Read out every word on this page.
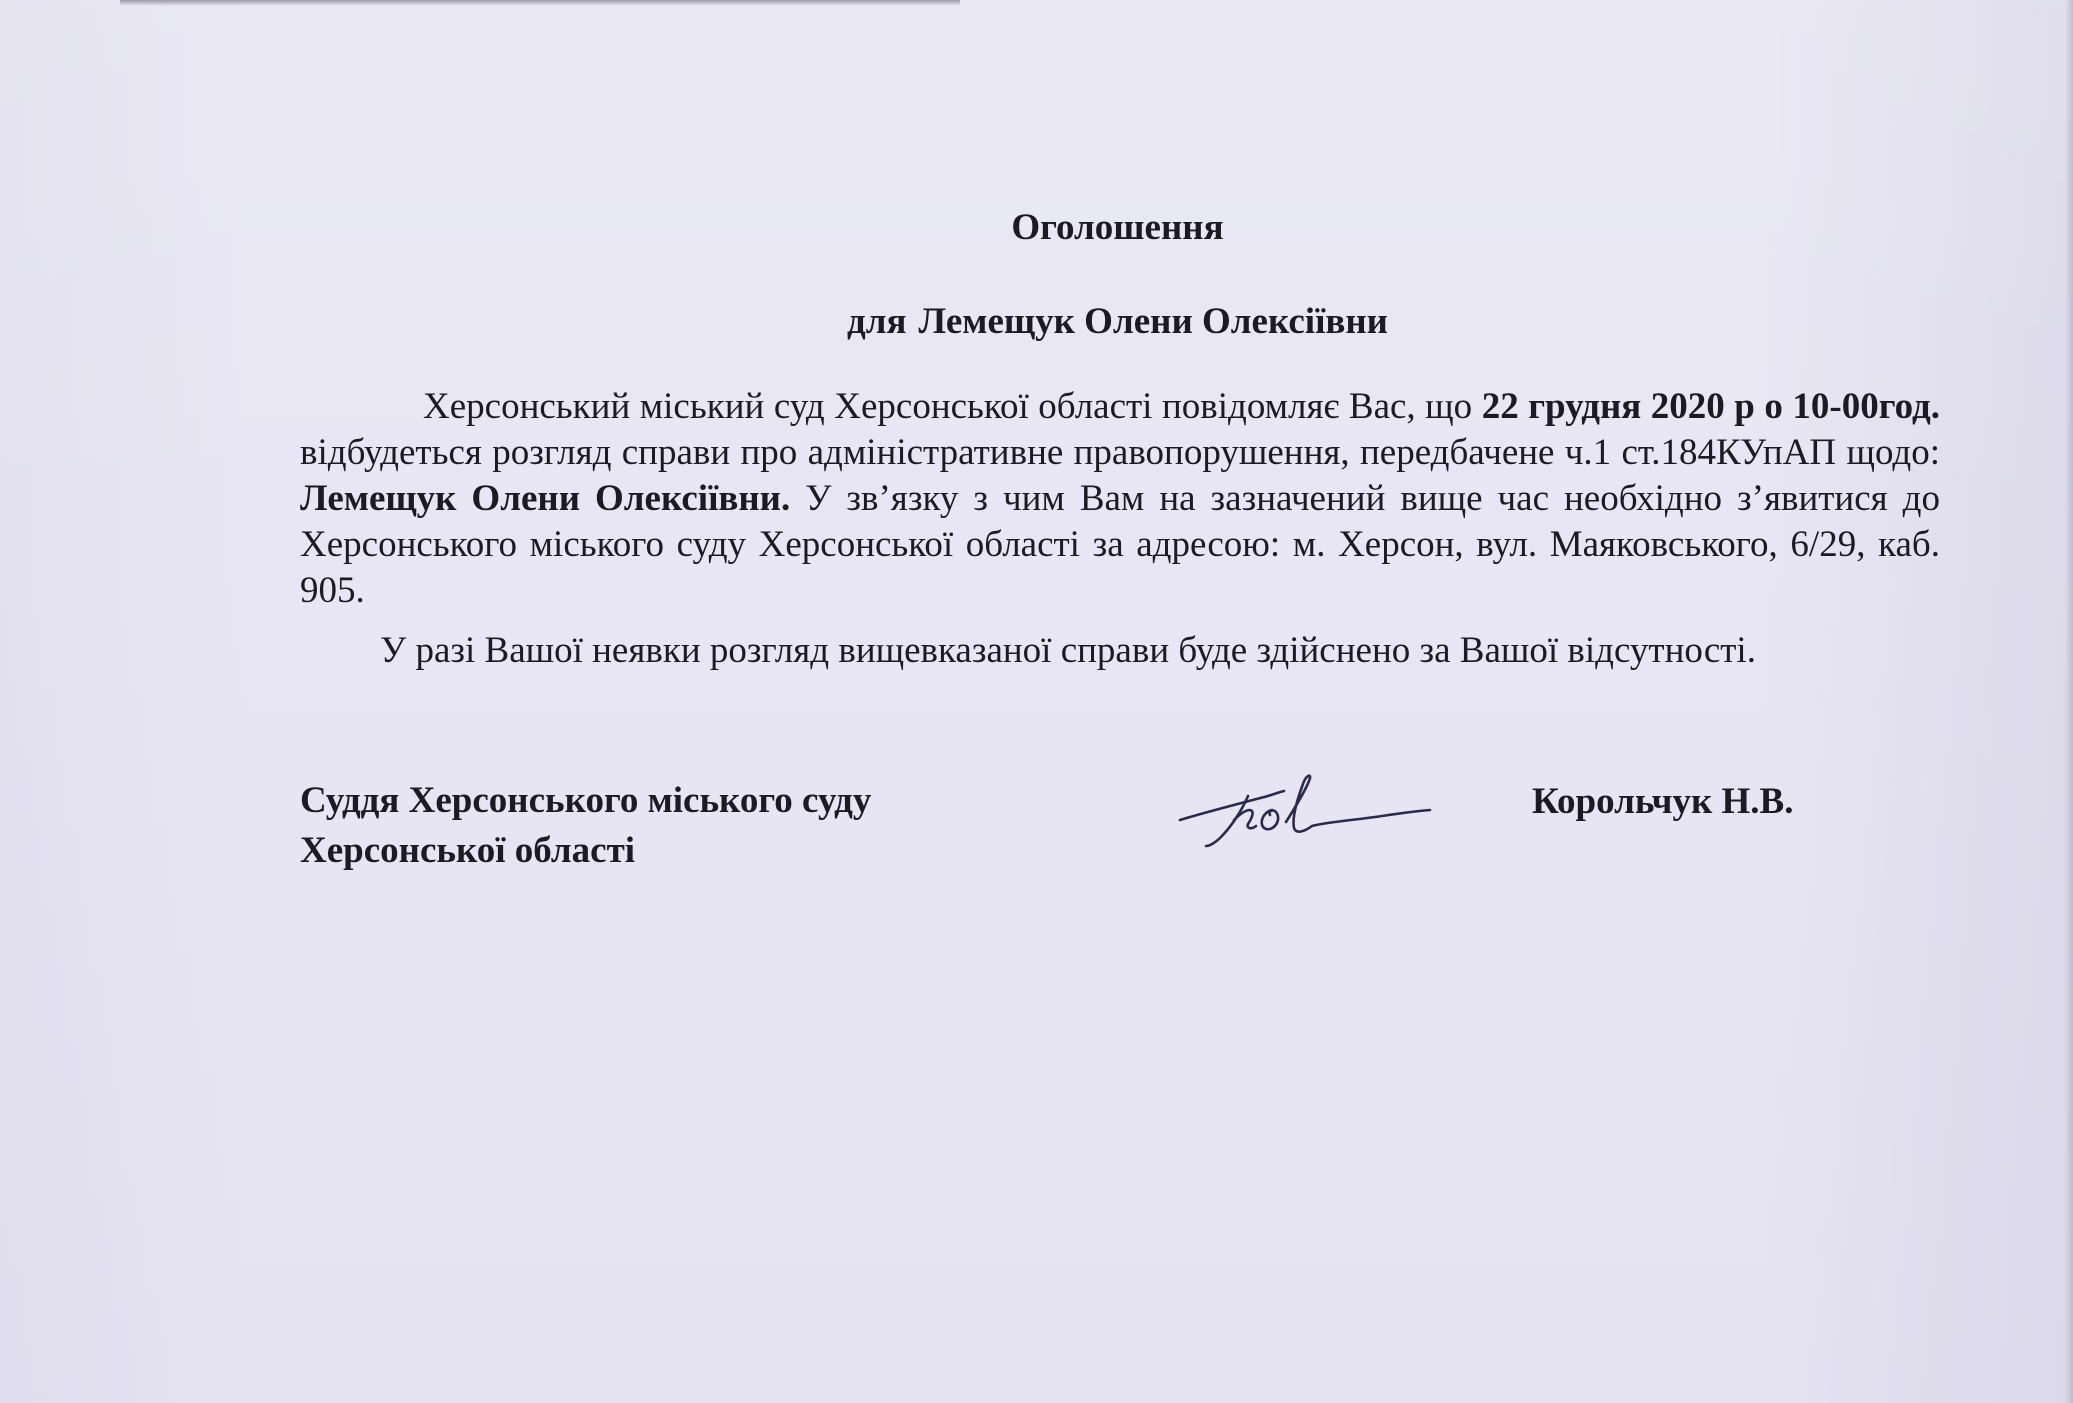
Оголошення
для Лемещук Олени Олексіївни

Херсонський міський суд Херсонської області повідомляє Вас, що 22 грудня 2020 р о 10-00год. відбудеться розгляд справи про адміністративне правопорушення, передбачене ч.1 ст.184КУпАП щодо: Лемещук Олени Олексіївни. У зв’язку з чим Вам на зазначений вище час необхідно з’явитися до Херсонського міського суду Херсонської області за адресою: м. Херсон, вул. Маяковського, 6/29, каб. 905.

У разі Вашої неявки розгляд вищевказаної справи буде здійснено за Вашої відсутності.

Суддя Херсонського міського суду
Херсонської області
Корольчук Н.В.
